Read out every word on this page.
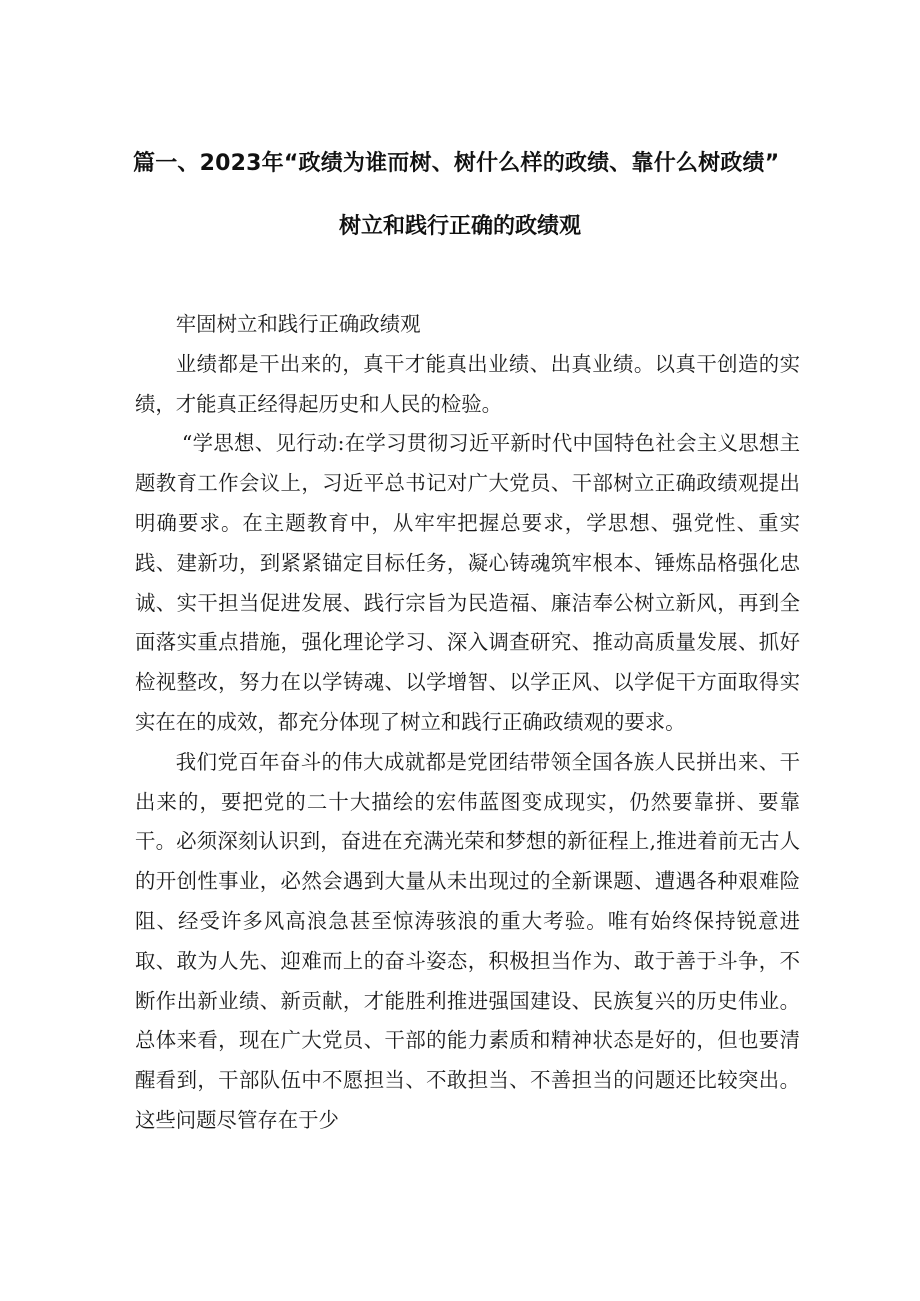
篇一、2023年“政绩为谁而树、树什么样的政绩、靠什么树政绩”
树立和践行正确的政绩观

牢固树立和践行正确政绩观

业绩都是干出来的，真干才能真出业绩、出真业绩。以真干创造的实绩，才能真正经得起历史和人民的检验。

“学思想、见行动:在学习贯彻习近平新时代中国特色社会主义思想主题教育工作会议上，习近平总书记对广大党员、干部树立正确政绩观提出明确要求。在主题教育中，从牢牢把握总要求，学思想、强党性、重实践、建新功，到紧紧锚定目标任务，凝心铸魂筑牢根本、锤炼品格强化忠诚、实干担当促进发展、践行宗旨为民造福、廉洁奉公树立新风，再到全面落实重点措施，强化理论学习、深入调查研究、推动高质量发展、抓好检视整改，努力在以学铸魂、以学增智、以学正风、以学促干方面取得实实在在的成效，都充分体现了树立和践行正确政绩观的要求。

我们党百年奋斗的伟大成就都是党团结带领全国各族人民拼出来、干出来的，要把党的二十大描绘的宏伟蓝图变成现实，仍然要靠拼、要靠干。必须深刻认识到，奋进在充满光荣和梦想的新征程上,推进着前无古人的开创性事业，必然会遇到大量从未出现过的全新课题、遭遇各种艰难险阻、经受许多风高浪急甚至惊涛骇浪的重大考验。唯有始终保持锐意进取、敢为人先、迎难而上的奋斗姿态，积极担当作为、敢于善于斗争，不断作出新业绩、新贡献，才能胜利推进强国建设、民族复兴的历史伟业。总体来看，现在广大党员、干部的能力素质和精神状态是好的，但也要清醒看到，干部队伍中不愿担当、不敢担当、不善担当的问题还比较突出。这些问题尽管存在于少
